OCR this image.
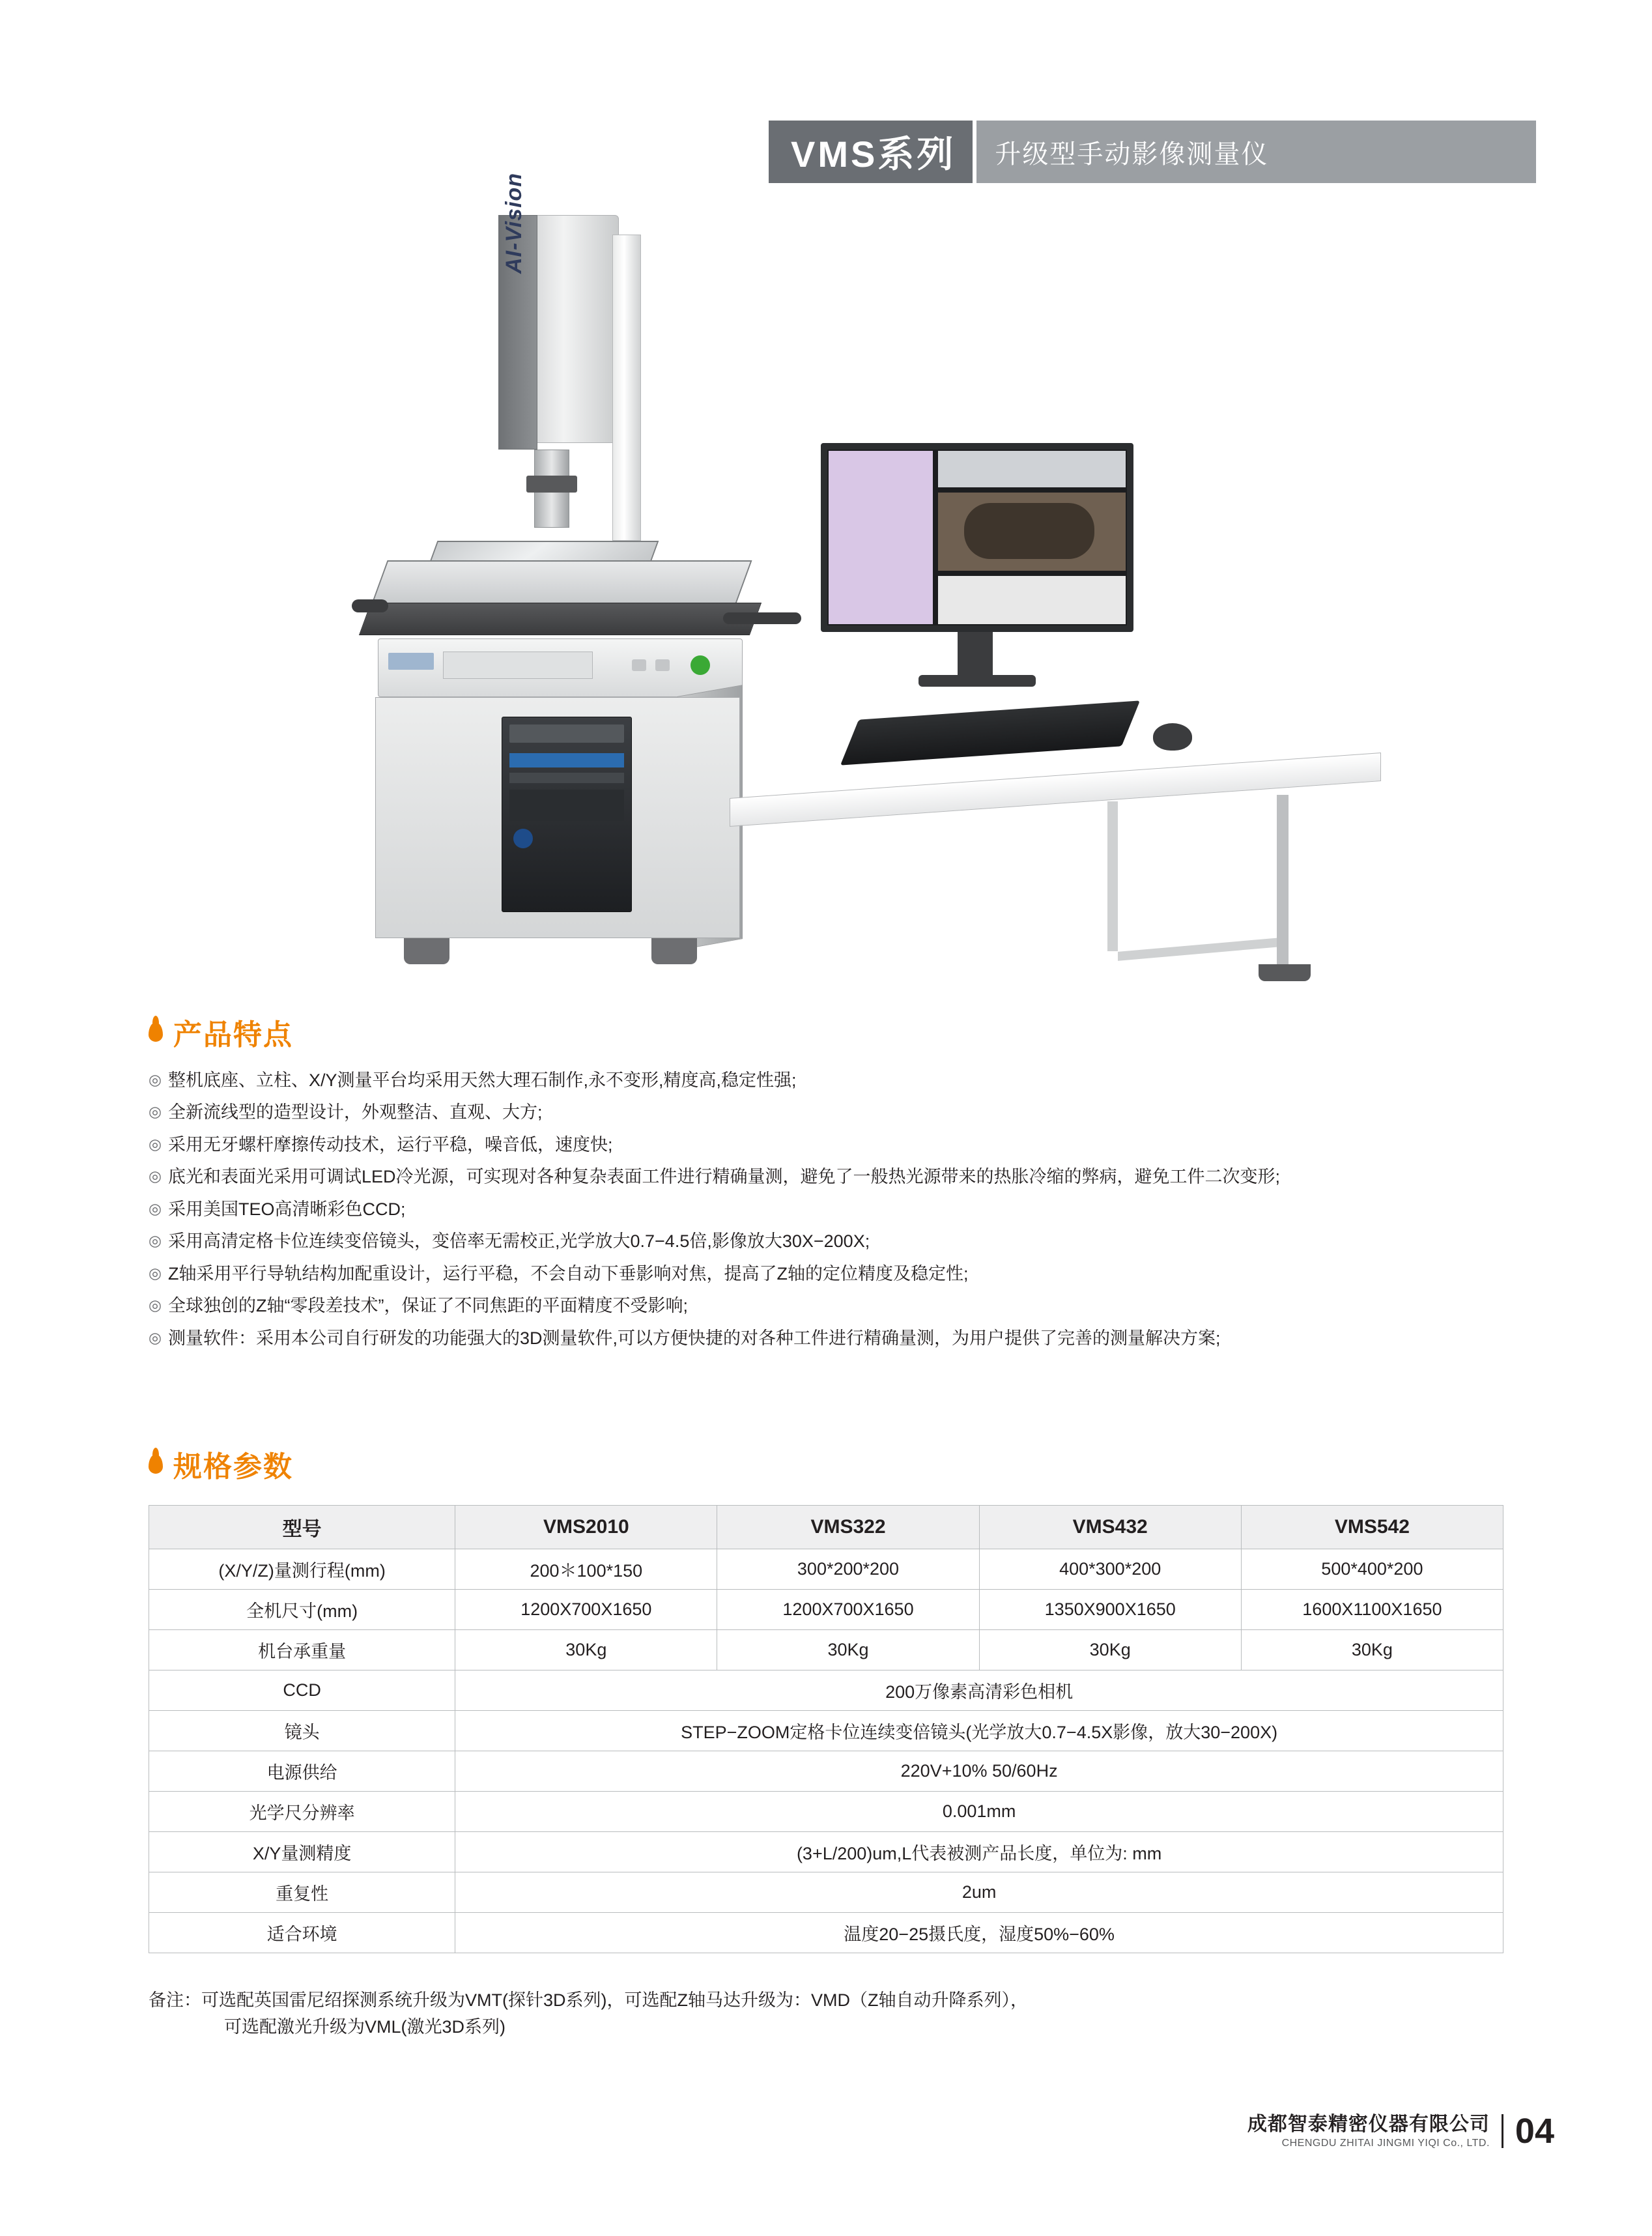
VMS系列	升级型手动影像测量仪
AI-Vision
产品特点
◎ 整机底座、立柱、X/Y测量平台均采用天然大理石制作,永不变形,精度高,稳定性强;
◎ 全新流线型的造型设计，外观整洁、直观、大方;
◎ 采用无牙螺杆摩擦传动技术，运行平稳，噪音低，速度快;
◎ 底光和表面光采用可调试LED冷光源，可实现对各种复杂表面工件进行精确量测，避免了一般热光源带来的热胀冷缩的弊病，避免工件二次变形;
◎ 采用美国TEO高清晰彩色CCD;
◎ 采用高清定格卡位连续变倍镜头，变倍率无需校正,光学放大0.7−4.5倍,影像放大30X−200X;
◎ Z轴采用平行导轨结构加配重设计，运行平稳，不会自动下垂影响对焦，提高了Z轴的定位精度及稳定性;
◎ 全球独创的Z轴“零段差技术”，保证了不同焦距的平面精度不受影响;
◎ 测量软件：采用本公司自行研发的功能强大的3D测量软件,可以方便快捷的对各种工件进行精确量测，为用户提供了完善的测量解决方案;
规格参数
型号	VMS2010	VMS322	VMS432	VMS542
(X/Y/Z)量测行程(mm)	200＊100*150	300*200*200	400*300*200	500*400*200
全机尺寸(mm)	1200X700X1650	1200X700X1650	1350X900X1650	1600X1100X1650
机台承重量	30Kg	30Kg	30Kg	30Kg
CCD	200万像素高清彩色相机			
镜头	STEP−ZOOM定格卡位连续变倍镜头(光学放大0.7−4.5X影像，放大30−200X)			
电源供给	220V+10% 50/60Hz			
光学尺分辨率	0.001mm			
X/Y量测精度	(3+L/200)um,L代表被测产品长度，单位为: mm			
重复性	2um			
适合环境	温度20−25摄氏度，湿度50%−60%			
备注：可选配英国雷尼绍探测系统升级为VMT(探针3D系列)，可选配Z轴马达升级为：VMD（Z轴自动升降系列），
可选配激光升级为VML(激光3D系列)
成都智泰精密仪器有限公司
CHENGDU ZHITAI JINGMI YIQI Co., LTD. 04
